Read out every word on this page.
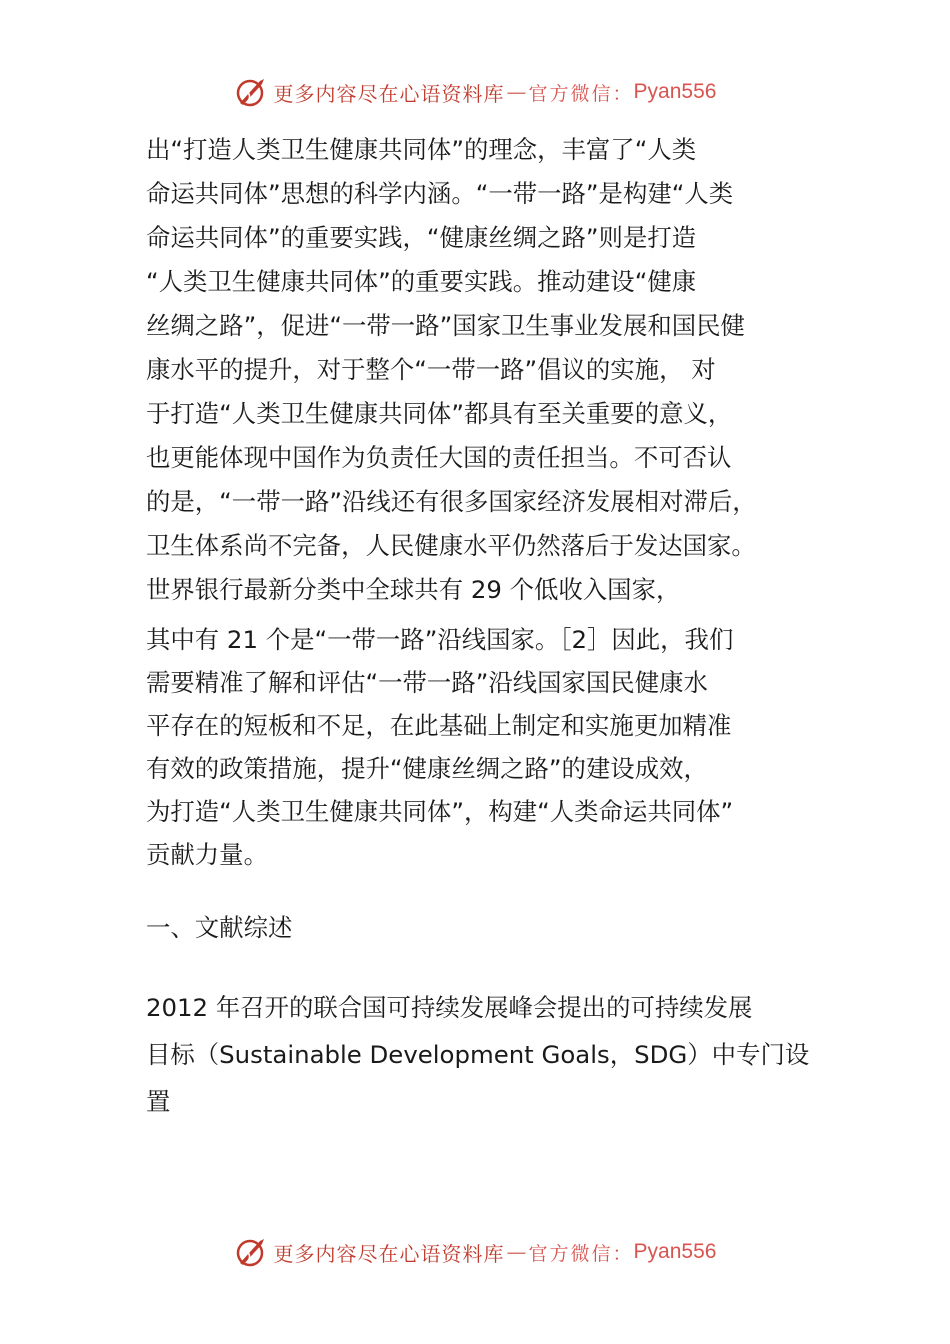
更多内容尽在心语资料库 — 官方微信： Pyan556
出“打造人类卫生健康共同体”的理念，丰富了“人类
命运共同体”思想的科学内涵。“一带一路”是构建“人类
命运共同体”的重要实践，“健康丝绸之路”则是打造
“人类卫生健康共同体”的重要实践。推动建设“健康
丝绸之路”，促进“一带一路”国家卫生事业发展和国民健
康水平的提升，对于整个“一带一路”倡议的实施， 对
于打造“人类卫生健康共同体”都具有至关重要的意义，
也更能体现中国作为负责任大国的责任担当。不可否认
的是，“一带一路”沿线还有很多国家经济发展相对滞后，
卫生体系尚不完备，人民健康水平仍然落后于发达国家。
世界银行最新分类中全球共有 29 个低收入国家，
其中有 21 个是“一带一路”沿线国家。［2］因此，我们
需要精准了解和评估“一带一路”沿线国家国民健康水
平存在的短板和不足，在此基础上制定和实施更加精准
有效的政策措施，提升“健康丝绸之路”的建设成效，
为打造“人类卫生健康共同体”，构建“人类命运共同体”
贡献力量。
一、文献综述
2012 年召开的联合国可持续发展峰会提出的可持续发展
目标（Sustainable Development Goals，SDG）中专门设
置
更多内容尽在心语资料库 — 官方微信： Pyan556
